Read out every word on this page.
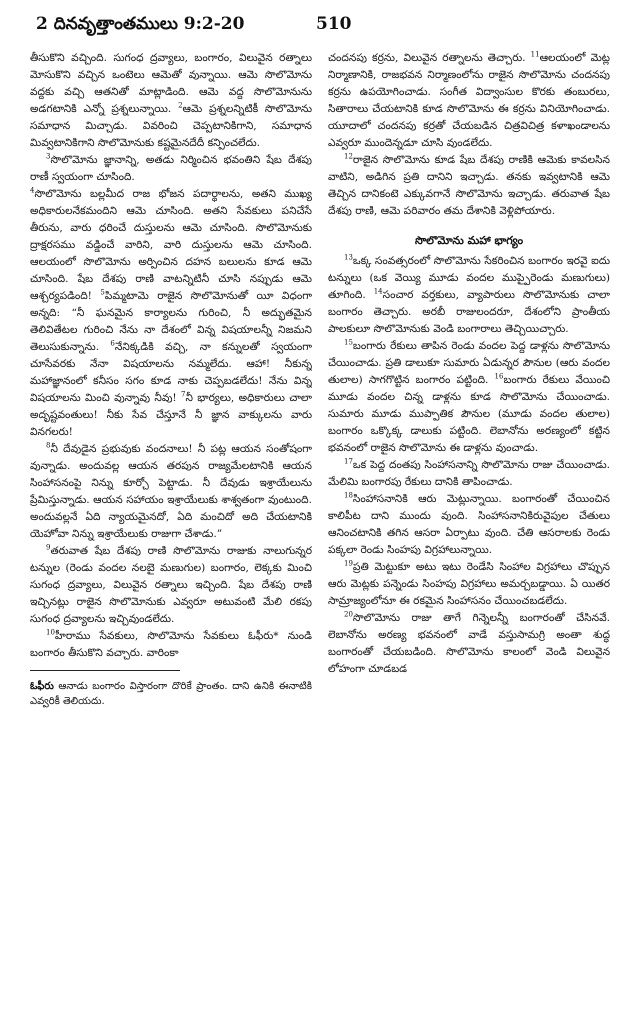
2 దినవృత్తాంతములు 9:2-20	510

తీసుకొని వచ్చింది. సుగంధ ద్రవ్యాలు, బంగారం, విలువైన రత్నాలు మోసుకొని వచ్చిన ఒంటెలు ఆమెతో వున్నాయి. ఆమె సొలొమోను వద్దకు వచ్చి ఆతనితో మాట్లాడింది. ఆమె వద్ద సొలొమోనును అడగటానికి ఎన్నో ప్రశ్నలున్నాయి. $^2$ఆమె ప్రశ్నలన్నిటికీ సొలొమోను సమాధాన మిచ్చాడు. వివరించి చెప్పటానికిగాని, సమాధాన మివ్వటానికిగాని సొలొమోనుకు కష్టమైనదేదీ కన్పించలేదు.

$^3$సొలొమోను జ్ఞానాన్ని, అతడు నిర్మించిన భవంతిని షేబ దేశపు రాణీ స్వయంగా చూసింది.

$^4$సొలొమోను బల్లమీద రాజ భోజన పదార్థాలను, అతని ముఖ్య అధికారులనేకమందిని ఆమె చూసింది. అతని సేవకులు పనిచేసే తీరును, వారు ధరించే దుస్తులను ఆమె చూసింది. సొలొమోనుకు ద్రాక్షరసము వడ్డించే వారిని, వారి దుస్తులను ఆమె చూసింది. ఆలయంలో సొలొమోను అర్పించిన దహన బలులను కూడ ఆమె చూసింది. షేబ దేశపు రాణి వాటన్నిటినీ చూసి నప్పుడు ఆమె ఆశ్చర్యపడింది! $^5$పిమ్మటామె రాజైన సొలొమోనుతో యీ విధంగా అన్నది: “నీ ఘనమైన కార్యాలను గురించి, నీ అద్భుతమైన తెలివితేటల గురించి నేను నా దేశంలో విన్న విషయాలన్నీ నిజమని తెలుసుకున్నాను. $^6$నేనిక్కడికి వచ్చి, నా కన్నులతో స్వయంగా చూసేవరకు నేనా విషయాలను నమ్మలేదు. ఆహా! నీకున్న మహాజ్ఞానంలో కనీసం సగం కూడ నాకు చెప్పబడలేదు! నేను విన్న విషయాలను మించి వున్నావు నీవు! $^7$నీ భార్యలు, అధికారులు చాలా అదృష్టవంతులు! నీకు సేవ చేస్తూనే నీ జ్ఞాన వాక్కులను వారు వినగలరు!

$^8$నీ దేవుడైన ప్రభువుకు వందనాలు! నీ పట్ల ఆయన సంతోషంగా వున్నాడు. అందువల్ల ఆయన తరపున రాజ్యమేలటానికి ఆయన సింహాసనంపై నిన్ను కూర్చో పెట్టాడు. నీ దేవుడు ఇశ్రాయేలును ప్రేమిస్తున్నాడు. ఆయన సహాయం ఇశ్రాయేలుకు శాశ్వతంగా వుంటుంది. అందువల్లనే ఏది న్యాయమైనదో, ఏది మంచిదో అది చేయటానికి యెహోవా నిన్ను ఇశ్రాయేలుకు రాజుగా చేశాడు.”

$^9$తరువాత షేబ దేశపు రాణి సొలొమోను రాజుకు నాలుగున్నర టన్నుల (రెండు వందల నలబై మణుగుల) బంగారం, లెక్కకు మించి సుగంధ ద్రవ్యాలు, విలువైన రత్నాలు ఇచ్చింది. షేబ దేశపు రాణి ఇచ్చినట్లు రాజైన సొలొమోనుకు ఎవ్వరూ అటువంటి మేలి రకపు సుగంధ ద్రవ్యాలను ఇచ్చివుండలేదు.

$^{10}$హీరాము సేవకులు, సొలొమోను సేవకులు ఓఫీరు* నుండి బంగారం తీసుకొని వచ్చారు. వారింకా

ఓఫీరు ఆనాడు బంగారం విస్తారంగా దొరికే ప్రాంతం. దాని ఉనికి ఈనాటికి ఎవ్వరికీ తెలియదు.

చందనపు కర్రను, విలువైన రత్నాలను తెచ్చారు. $^{11}$ఆలయంలో మెట్ల నిర్మాణానికి, రాజభవన నిర్మాణంలోను రాజైన సొలొమోను చందనపు కర్రను ఉపయోగించాడు. సంగీత విద్వాంసుల కొరకు తంబురలు, సితారాలు చేయటానికి కూడ సొలొమోను ఈ కర్రను వినియోగించాడు. యూదాలో చందనపు కర్రతో చేయబడిన చిత్రవిచిత్ర కళాఖండాలను ఎవ్వరూ ముందెన్నడూ చూసి వుండలేదు.

$^{12}$రాజైన సొలొమోను కూడ షేబ దేశపు రాణికి ఆమెకు కావలసిన వాటిని, అడిగిన ప్రతి దానిని ఇచ్చాడు. తనకు ఇవ్వటానికి ఆమె తెచ్చిన దానికంటె ఎక్కువగానే సొలొమోను ఇచ్చాడు. తరువాత షేబ దేశపు రాణి, ఆమె పరివారం తమ దేశానికి వెళ్లిపోయారు.

సొలొమోను మహా భాగ్యం

$^{13}$ఒక్క సంవత్సరంలో సొలొమోను సేకరించిన బంగారం ఇరవై ఐదు టన్నులు (ఒక వెయ్యి మూడు వందల ముప్పైరెండు మణుగులు) తూగింది. $^{14}$సంచార వర్తకులు, వ్యాపారులు సొలొమోనుకు చాలా బంగారం తెచ్చారు. అరబీ రాజులందరూ, దేశంలోని ప్రాంతీయ పాలకులూ సొలొమోనుకు వెండి బంగారాలు తెచ్చియిచ్చారు.

$^{15}$బంగారు రేకులు తాపిన రెండు వందల పెద్ద డాళ్లను సొలొమోను చేయించాడు. ప్రతి డాలుకూ సుమారు ఏడున్నర పౌనుల (ఆరు వందల తులాల) సాగగొట్టిన బంగారం పట్టింది. $^{16}$బంగారు రేకులు వేయించి మూడు వందల చిన్న డాళ్లను కూడ సొలొమోను చేయించాడు. సుమారు మూడు ముప్పాతిక పౌనుల (మూడు వందల తులాల) బంగారం ఒక్కొక్క డాలుకు పట్టింది. లెబానోను అరణ్యంలో కట్టిన భవనంలో రాజైన సొలొమోను ఈ డాళ్లను వుంచాడు.

$^{17}$ఒక పెద్ద దంతపు సింహాసనాన్ని సొలొమోను రాజు చేయించాడు. మేలిమి బంగారపు రేకులు దానికి తాపించాడు.

$^{18}$సింహాసనానికి ఆరు మెట్లున్నాయి. బంగారంతో చేయించిన కాలిపీట దాని ముందు వుంది. సింహాసనానికిరువైపుల చేతులు ఆనించటానికి తగిన ఆసరా ఏర్పాటు వుంది. చేతి ఆసరాలకు రెండు పక్కలా రెండు సింహపు విగ్రహాలున్నాయి.

$^{19}$ప్రతి మెట్టుకూ అటు ఇటు రెండేసి సింహాల విగ్రహాలు చొప్పున ఆరు మెట్లకు పన్నెండు సింహపు విగ్రహాలు అమర్చబడ్డాయి. ఏ యితర సామ్రాజ్యంలోనూ ఈ రకమైన సింహాసనం చేయించబడలేదు.

$^{20}$సొలొమోను రాజు తాగే గిన్నెలన్నీ బంగారంతో చేసినవే. లెబానోను అరణ్య భవనంలో వాడే వస్తుసామగ్రి అంతా శుద్ధ బంగారంతో చేయబడింది. సొలొమోను కాలంలో వెండి విలువైన లోహంగా చూడబడ
